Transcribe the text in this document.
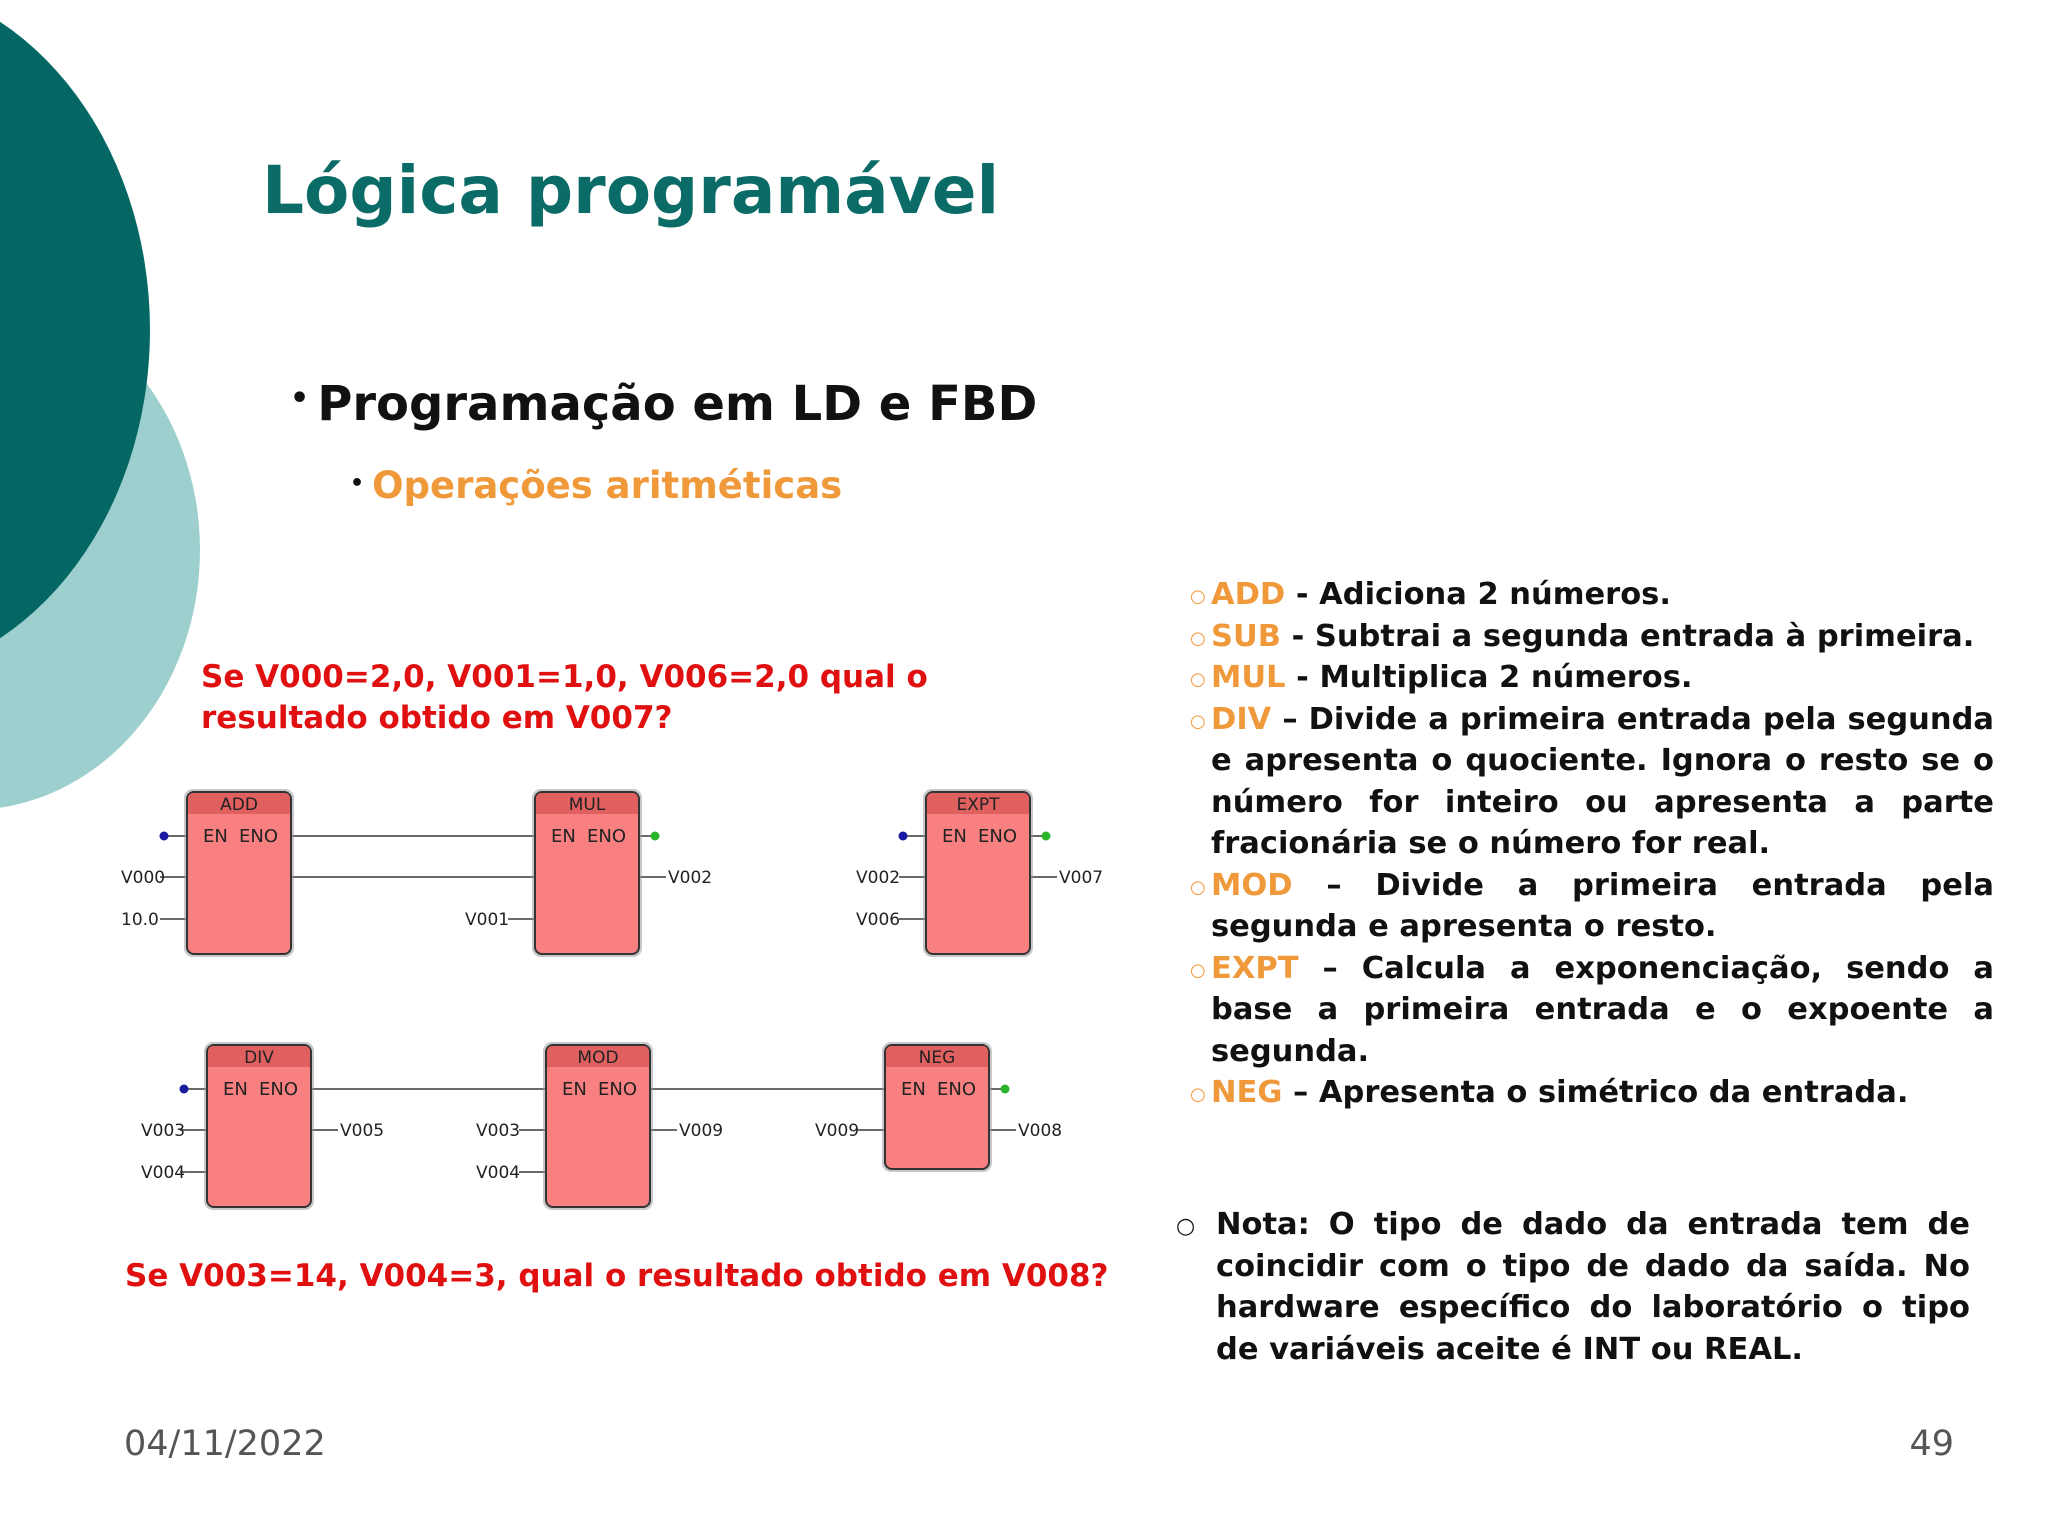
Lógica programável
• Programação em LD e FBD
• Operações aritméticas
Se V000=2,0, V001=1,0, V006=2,0 qual o resultado obtido em V007?
ADD
EN ENO
MUL
EN ENO
EXPT
EN ENO
DIV
EN ENO
MOD
EN ENO
NEG
EN ENO
V000
10.0	V001
V002	V002
V006
V007
V003
V004
V005	V003
V004
V009	V009	V008
Se V003=14, V004=3, qual o resultado obtido em V008?
○ ADD - Adiciona 2 números.
○ SUB - Subtrai a segunda entrada à primeira.
○ MUL - Multiplica 2 números.
○ DIV – Divide a primeira entrada pela segunda e apresenta o quociente. Ignora o resto se o número for inteiro ou apresenta a parte fracionária se o número for real.
○ MOD – Divide a primeira entrada pela segunda e apresenta o resto.
○ EXPT – Calcula a exponenciação, sendo a base a primeira entrada e o expoente a segunda.
○ NEG – Apresenta o simétrico da entrada.
○ Nota: O tipo de dado da entrada tem de coincidir com o tipo de dado da saída. No hardware específico do laboratório o tipo de variáveis aceite é INT ou REAL.
04/11/2022	49
